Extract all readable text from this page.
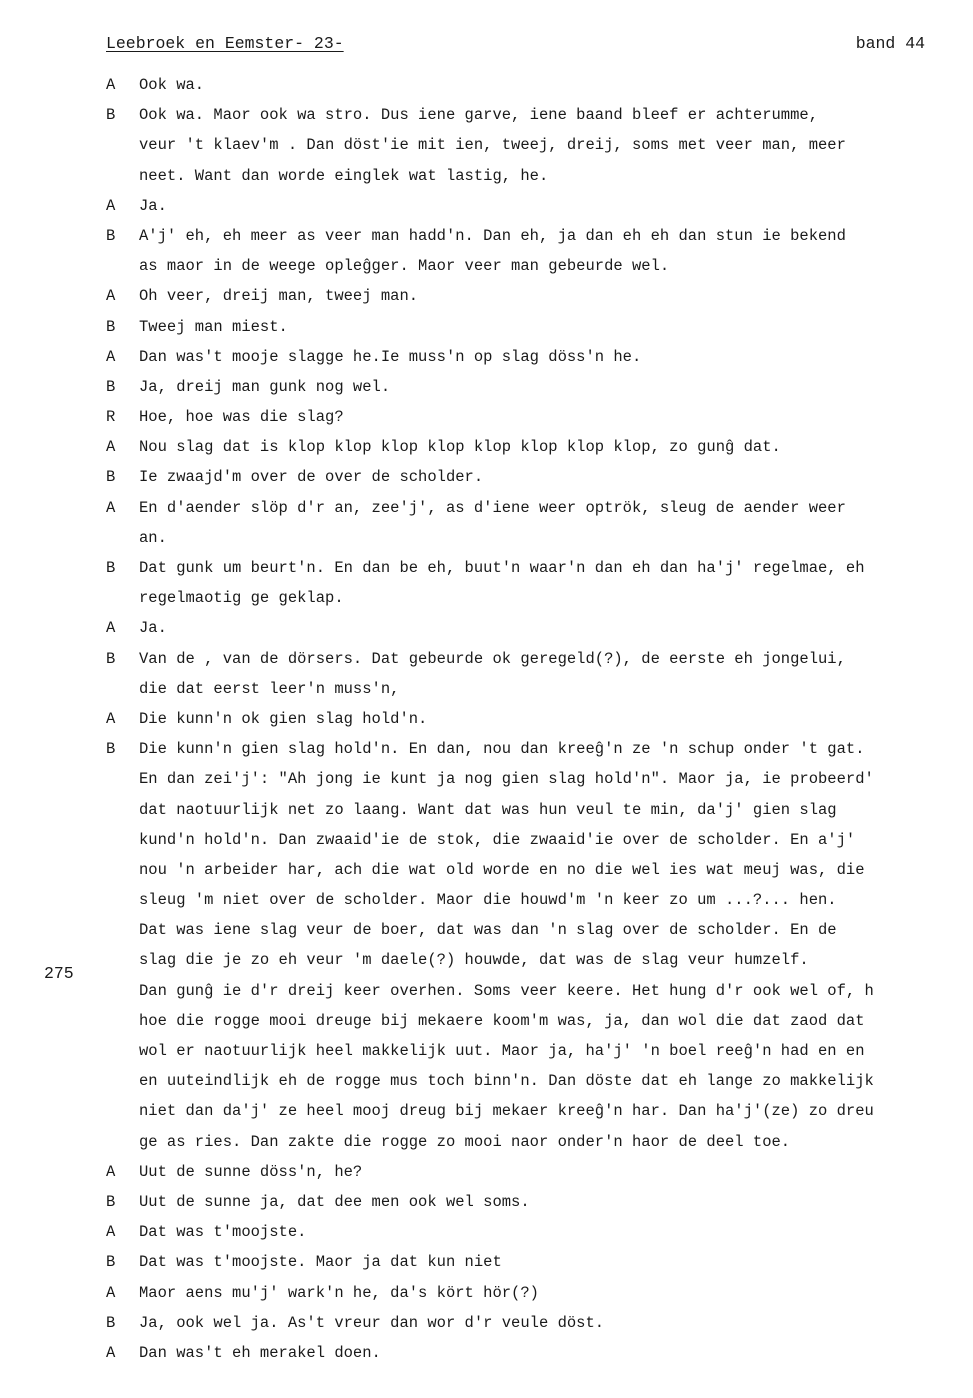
Leebroek en Eemster- 23-	band 44
275
A Ook wa.
B Ook wa. Maor ook wa stro. Dus iene garve, iene baand bleef er achterumme,
veur 't klaev'm . Dan döst'ie mit ien, tweej, dreij, soms met veer man, meer
neet. Want dan worde einglek wat lastig, he.
A Ja.
B A'j' eh, eh meer as veer man hadd'n. Dan eh, ja dan eh eh dan stun ie bekend
as maor in de weege opleĝger. Maor veer man gebeurde wel.
A Oh veer, dreij man, tweej man.
B Tweej man miest.
A Dan was't mooje slagge he.Ie muss'n op slag döss'n he.
B Ja, dreij man gunk nog wel.
R Hoe, hoe was die slag?
A Nou slag dat is klop klop klop klop klop klop klop klop, zo gunĝ dat.
B Ie zwaajd'm over de over de scholder.
A En d'aender slöp d'r an, zee'j', as d'iene weer optrök, sleug de aender weer
an.
B Dat gunk um beurt'n. En dan be eh, buut'n waar'n dan eh dan ha'j' regelmae, eh
regelmaotig ge geklap.
A Ja.
B Van de , van de dörsers. Dat gebeurde ok geregeld(?), de eerste eh jongelui,
die dat eerst leer'n muss'n,
A Die kunn'n ok gien slag hold'n.
B Die kunn'n gien slag hold'n. En dan, nou dan kreeĝ'n ze 'n schup onder 't gat.
En dan zei'j': "Ah jong ie kunt ja nog gien slag hold'n". Maor ja, ie probeerd'
dat naotuurlijk net zo laang. Want dat was hun veul te min, da'j' gien slag
kund'n hold'n. Dan zwaaid'ie de stok, die zwaaid'ie over de scholder. En a'j'
nou 'n arbeider har, ach die wat old worde en no die wel ies wat meuj was, die
sleug 'm niet over de scholder. Maor die houwd'm 'n keer zo um ...?... hen.
Dat was iene slag veur de boer, dat was dan 'n slag over de scholder. En de
slag die je zo eh veur 'm daele(?) houwde, dat was de slag veur humzelf.
Dan gunĝ ie d'r dreij keer overhen. Soms veer keere. Het hung d'r ook wel of, h
hoe die rogge mooi dreuge bij mekaere koom'm was, ja, dan wol die dat zaod dat
wol er naotuurlijk heel makkelijk uut. Maor ja, ha'j' 'n boel reeĝ'n had en en
en uuteindlijk eh de rogge mus toch binn'n. Dan döste dat eh lange zo makkelijk
niet dan da'j' ze heel mooj dreug bij mekaer kreeĝ'n har. Dan ha'j'(ze) zo dreu
ge as ries. Dan zakte die rogge zo mooi naor onder'n haor de deel toe.
A Uut de sunne döss'n, he?
B Uut de sunne ja, dat dee men ook wel soms.
A Dat was t'moojste.
B Dat was t'moojste. Maor ja dat kun niet
A Maor aens mu'j' wark'n he, da's kört hör(?)
B Ja, ook wel ja. As't vreur dan wor d'r veule döst.
A Dan was't eh merakel doen.
